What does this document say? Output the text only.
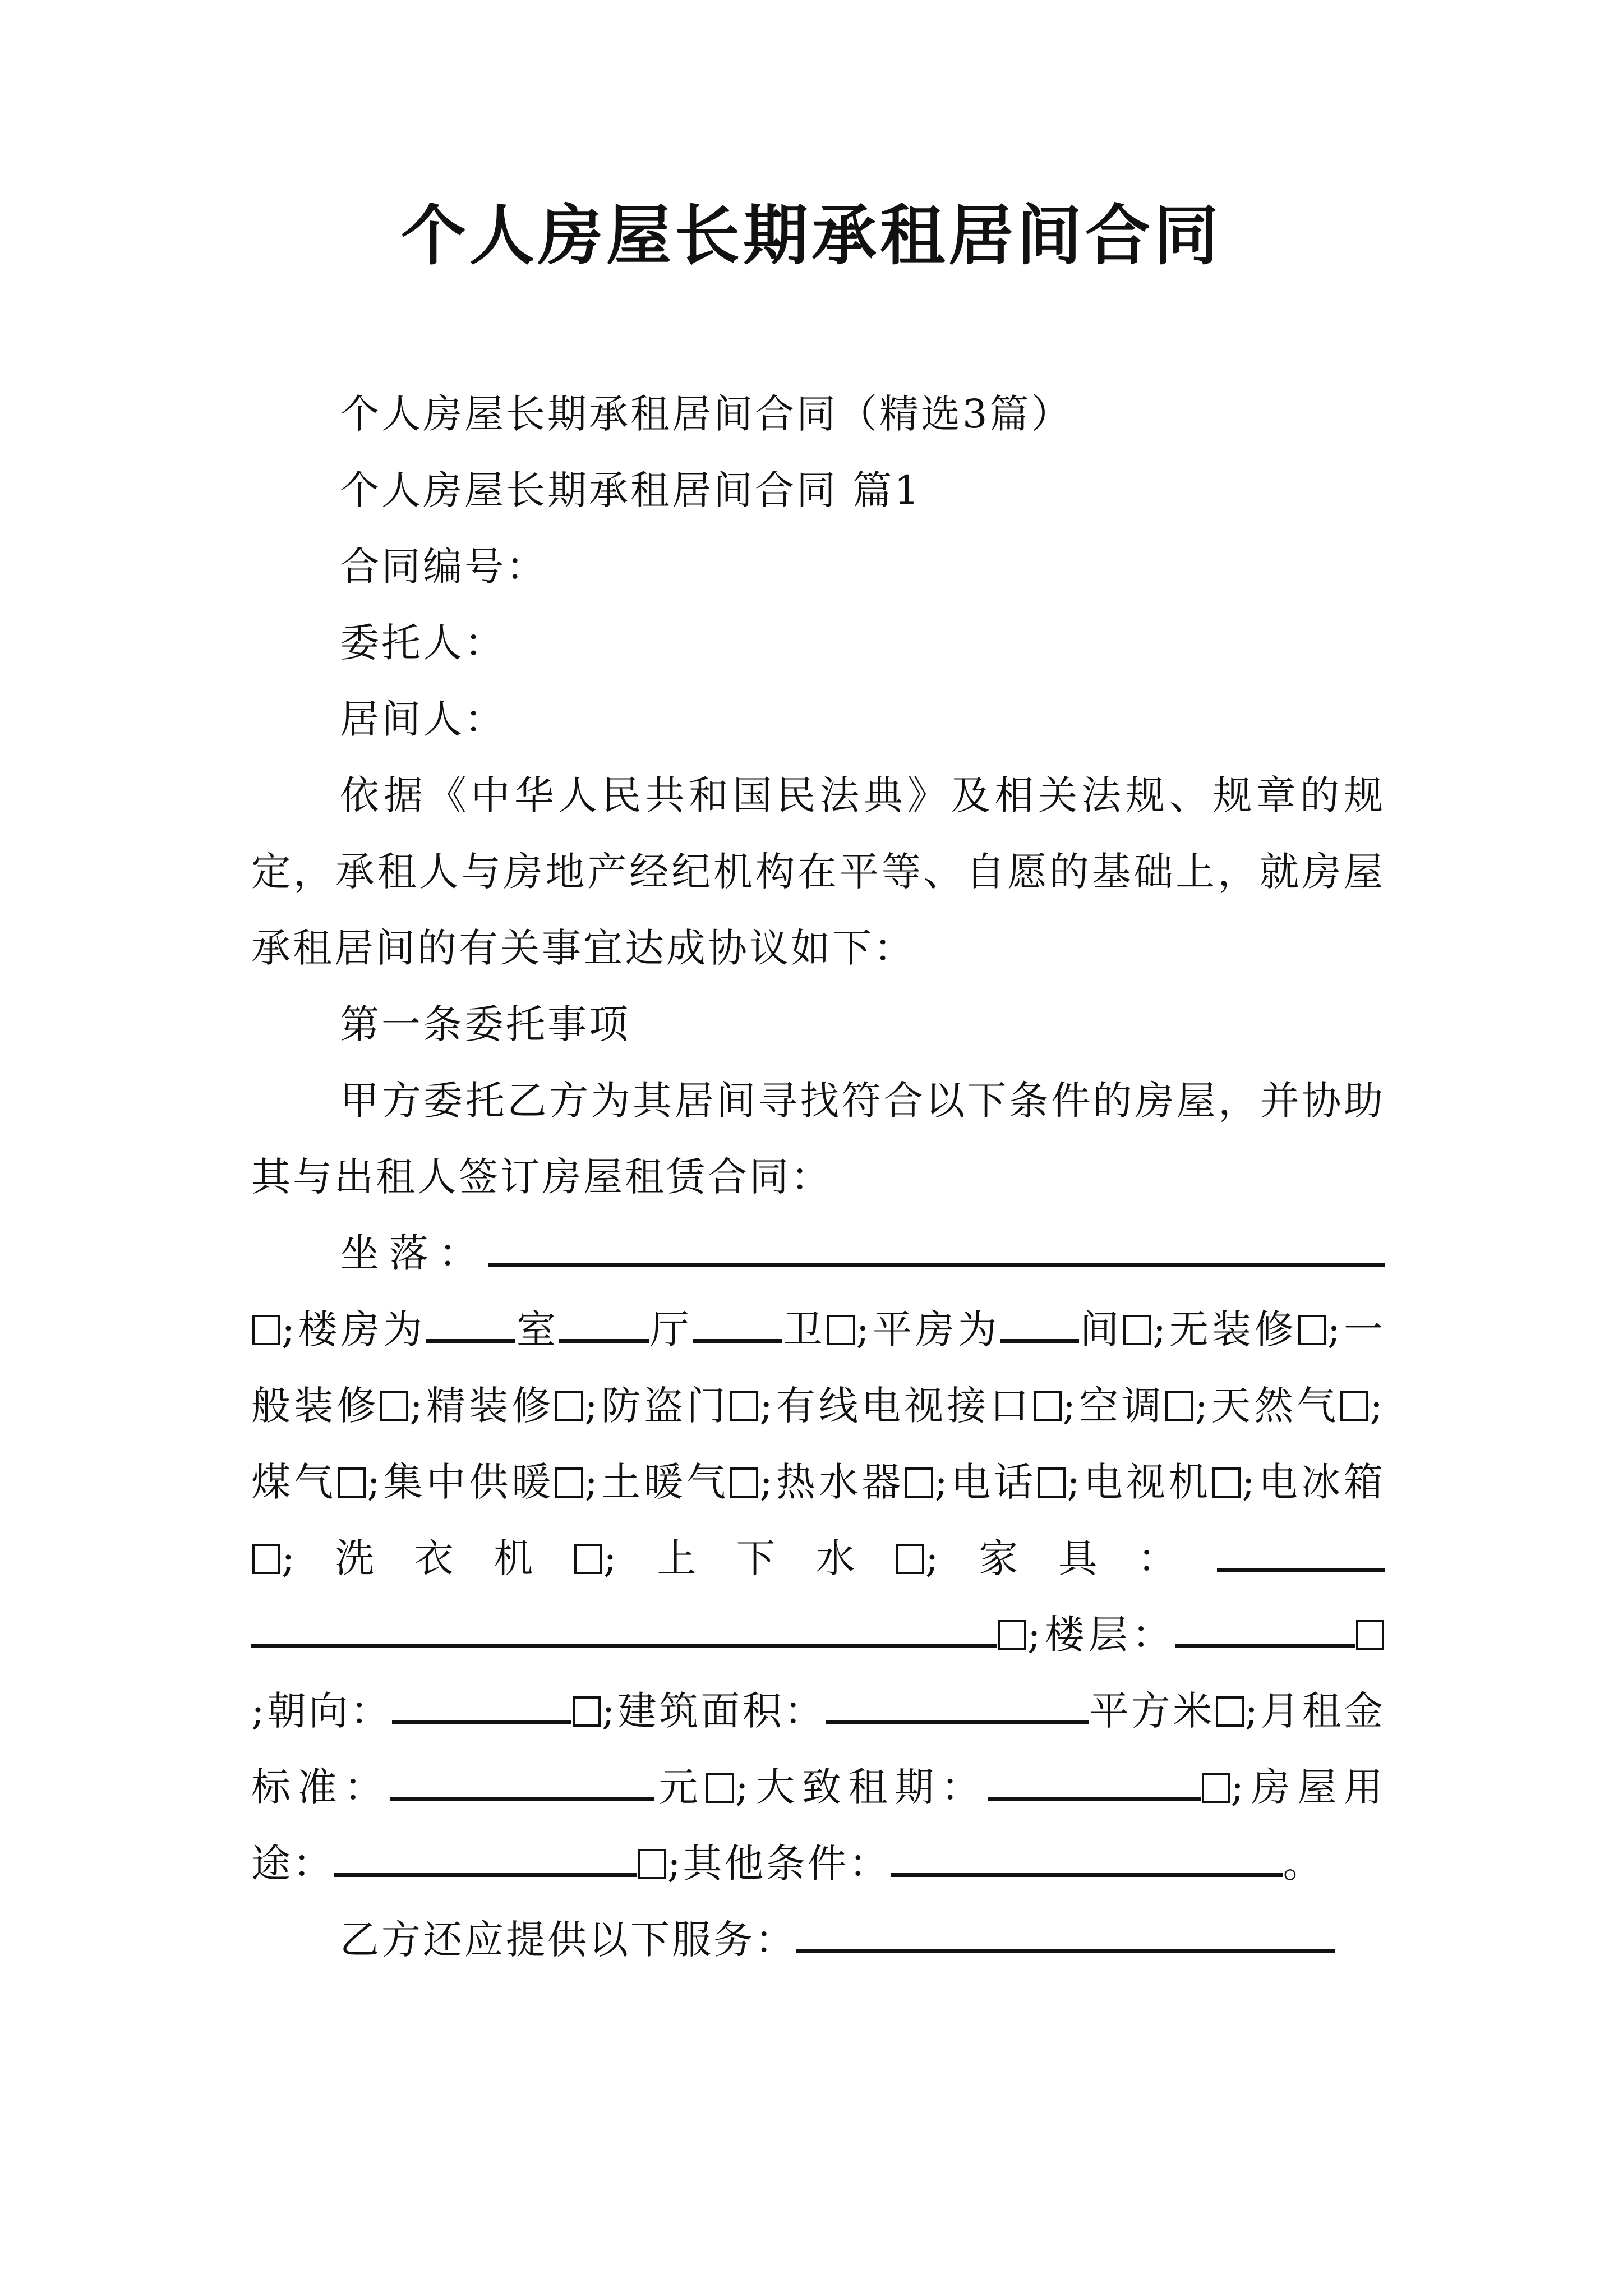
个人房屋长期承租居间合同

个人房屋长期承租居间合同（精选3篇）

个人房屋长期承租居间合同 篇1

合同编号：

委托人：

居间人：

依据《中华人民共和国民法典》及相关法规、规章的规定，承租人与房地产经纪机构在平等、自愿的基础上，就房屋承租居间的有关事宜达成协议如下：

第一条委托事项

甲方委托乙方为其居间寻找符合以下条件的房屋，并协助其与出租人签订房屋租赁合同：

坐落：;楼房为 室 厅 卫 ;平房为 间 ;无装修 ;一般装修 ;精装修 ;防盗门 ;有线电视接口 ;空调 ;天然气 ;煤气 ;集中供暖 ;土暖气 ;热水器 ;电话 ;电视机 ;电冰箱;洗衣机 ;上下水 ;家具：;楼层：;朝向：	;建筑面积：	平方米 ;月租金标准：	元 ;大致租期：	;房屋用途：	;其他条件：	。

乙方还应提供以下服务：
